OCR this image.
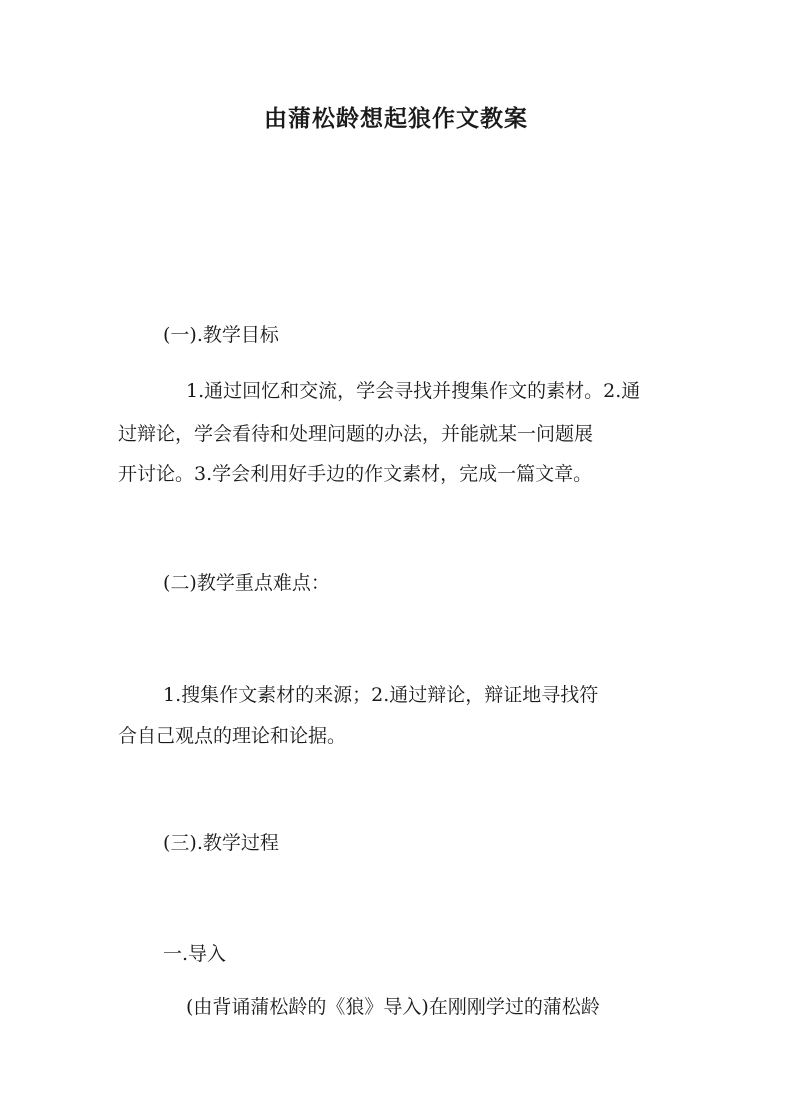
由蒲松龄想起狼作文教案

(一).教学目标

1.通过回忆和交流，学会寻找并搜集作文的素材。2.通

过辩论，学会看待和处理问题的办法，并能就某一问题展

开讨论。3.学会利用好手边的作文素材，完成一篇文章。

(二)教学重点难点：

1.搜集作文素材的来源；2.通过辩论，辩证地寻找符

合自己观点的理论和论据。

(三).教学过程

一.导入

(由背诵蒲松龄的《狼》导入)在刚刚学过的蒲松龄
